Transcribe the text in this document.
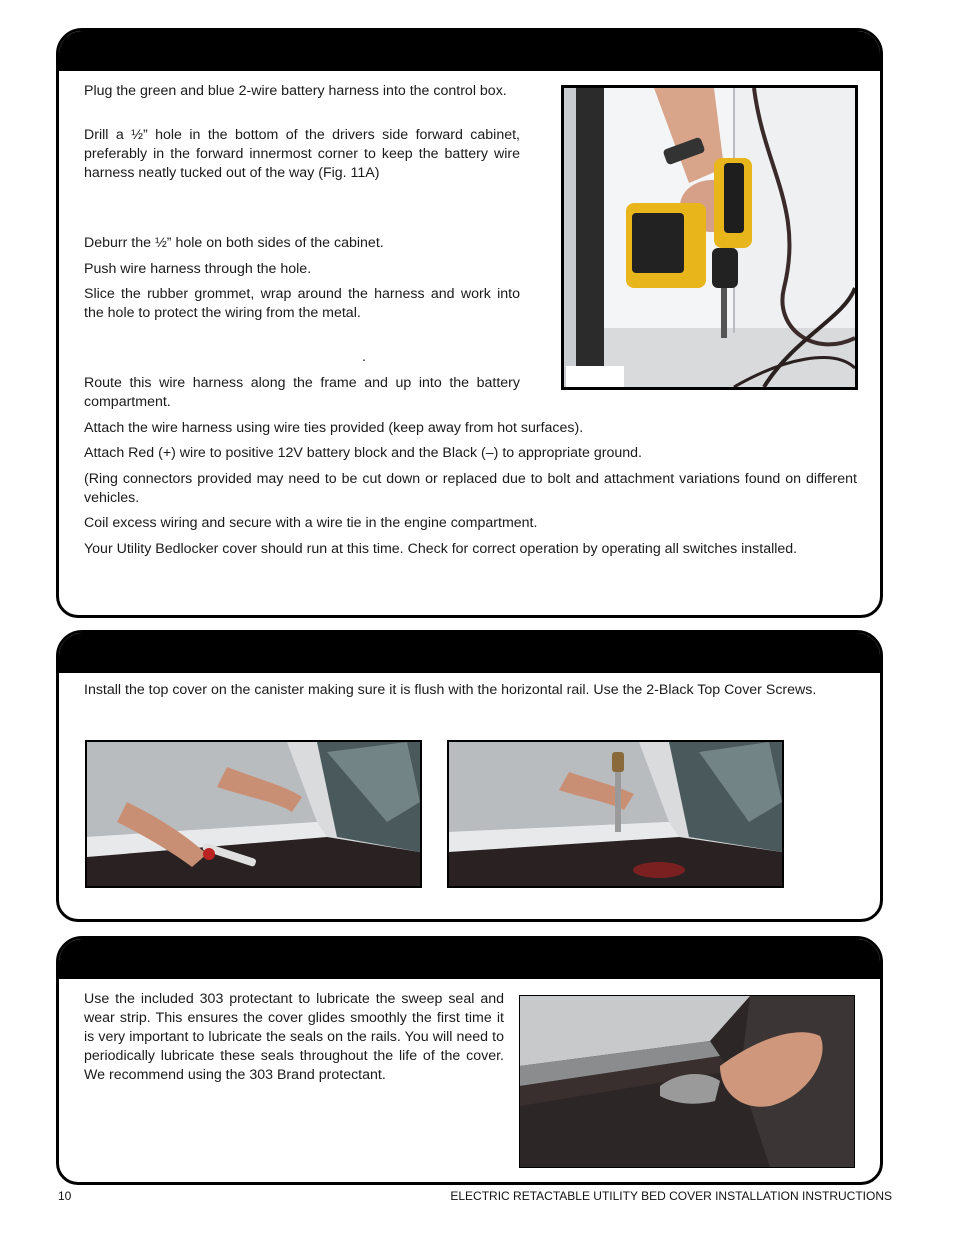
Plug the green and blue 2-wire battery harness into the control box.

Drill a ½” hole in the bottom of the drivers side forward cabinet, preferably in the forward innermost corner to keep the battery wire harness neatly tucked out of the way (Fig. 11A)

Deburr the ½” hole on both sides of the cabinet.

Push wire harness through the hole.

Slice the rubber grommet, wrap around the harness and work into the hole to protect the wiring from the metal.

.

Route this wire harness along the frame and up into the battery compartment.

Attach the wire harness using wire ties provided (keep away from hot surfaces).

Attach Red (+) wire to positive 12V battery block and the Black (–) to appropriate ground.

(Ring connectors provided may need to be cut down or replaced due to bolt and attachment variations found on different vehicles.

Coil excess wiring and secure with a wire tie in the engine compartment.

Your Utility Bedlocker cover should run at this time. Check for correct operation by operating all switches installed.

Install the top cover on the canister making sure it is flush with the horizontal rail. Use the 2-Black Top Cover Screws.

Use the included 303 protectant to lubricate the sweep seal and wear strip. This ensures the cover glides smoothly the first time it is very important to lubricate the seals on the rails. You will need to periodically lubricate these seals throughout the life of the cover. We recommend using the 303 Brand protectant.

10	ELECTRIC RETACTABLE UTILITY BED COVER INSTALLATION INSTRUCTIONS
